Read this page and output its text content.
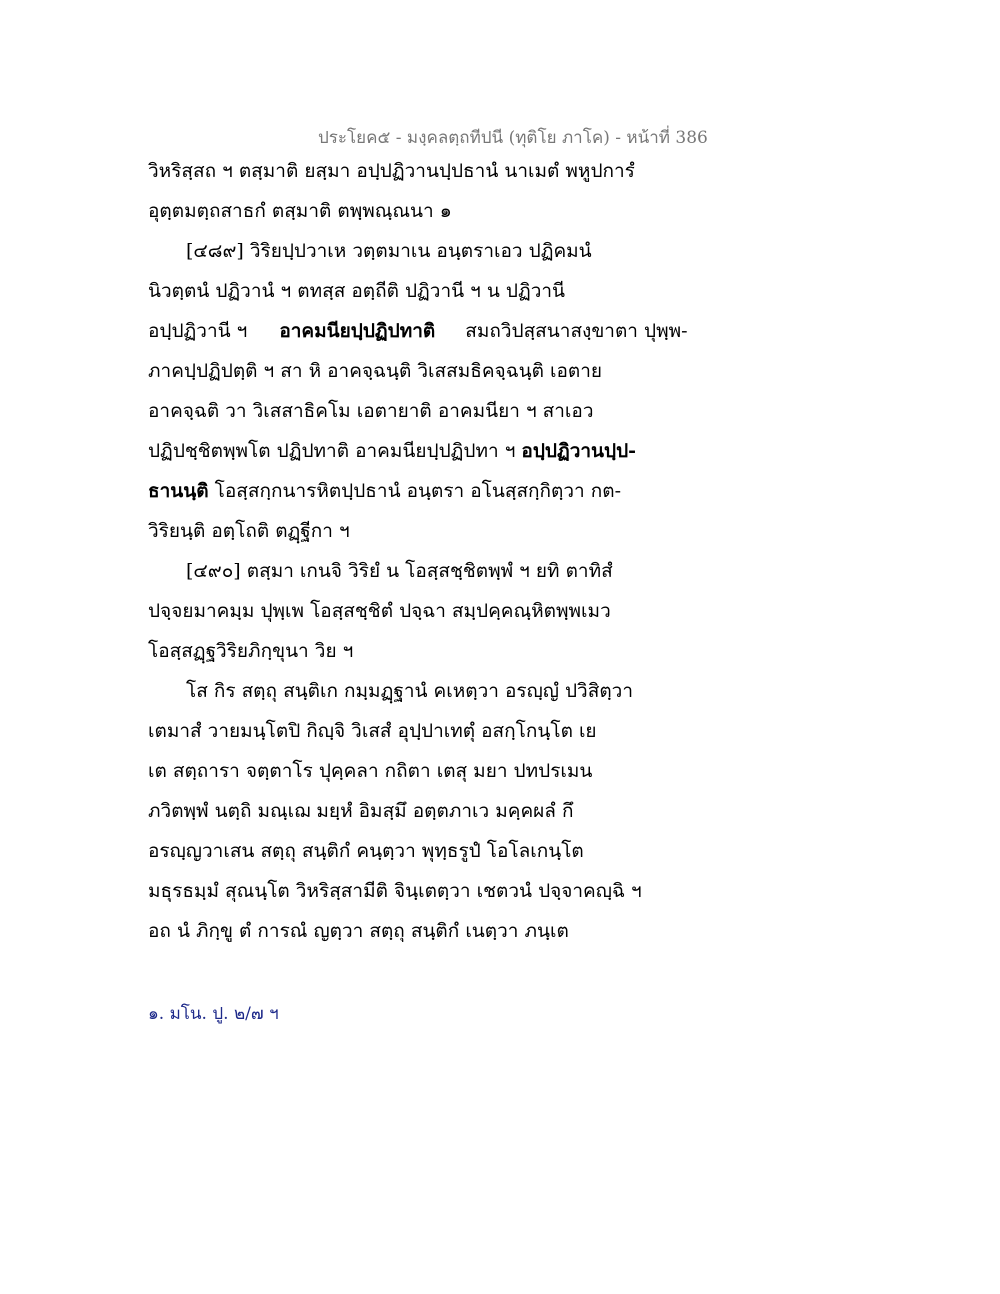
ประโยค๕ - มงฺคลตฺถทีปนี (ทุติโย ภาโค) - หน้าที่ 386
วิหริสฺสถ ฯ ตสฺมาติ ยสฺมา อปฺปฏิวานปฺปธานํ นาเมตํ พหูปการํ
อุตฺตมตฺถสาธกํ ตสฺมาติ ตพฺพณฺณนา ๑
[๔๘๙] วิริยปฺปวาเห วตฺตมาเน อนฺตราเอว ปฏิคมนํ
นิวตฺตนํ ปฏิวานํ ฯ ตทสฺส อตฺถีติ ปฏิวานี ฯ น ปฏิวานี
อปฺปฏิวานี ฯ อาคมนียปฺปฏิปทาติ สมถวิปสฺสนาสงฺขาตา ปุพฺพ-
ภาคปฺปฏิปตฺติ ฯ สา หิ อาคจฺฉนฺติ วิเสสมธิคจฺฉนฺติ เอตาย
อาคจฺฉติ วา วิเสสาธิคโม เอตายาติ อาคมนียา ฯ สาเอว
ปฏิปชฺชิตพฺพโต ปฏิปทาติ อาคมนียปฺปฏิปทา ฯ อปฺปฏิวานปฺป-
ธานนฺติ โอสฺสกฺกนารหิตปฺปธานํ อนฺตรา อโนสฺสกฺกิตฺวา กต-
วิริยนฺติ อตฺโถติ ตฏฺฐีกา ฯ
[๔๙๐] ตสฺมา เกนจิ วิริยํ น โอสฺสชฺชิตพฺพํ ฯ ยทิ ตาทิสํ
ปจฺจยมาคมฺม ปุพฺเพ โอสฺสชฺชิตํ ปจฺฉา สมฺปคฺคณฺหิตพฺพเมว
โอสฺสฏฺฐวิริยภิกฺขุนา วิย ฯ
โส กิร สตฺถุ สนฺติเก กมฺมฏฺฐานํ คเหตฺวา อรญฺญํ ปวิสิตฺวา
เตมาสํ วายมนฺโตปิ กิญฺจิ วิเสสํ อุปฺปาเทตุํ อสกฺโกนฺโต เย
เต สตฺถารา จตฺตาโร ปุคฺคลา กถิตา เตสุ มยา ปทปรเมน
ภวิตพฺพํ นตฺถิ มณฺเฌ มยฺหํ อิมสฺมึ อตฺตภาเว มคฺคผลํ กึ
อรญฺญวาเสน สตฺถุ สนฺติกํ คนฺตฺวา พุทฺธรูปํ โอโลเกนฺโต
มธุรธมฺมํ สุณนฺโต วิหริสฺสามีติ จินฺเตตฺวา เชตวนํ ปจฺจาคญฺฉิ ฯ
อถ นํ ภิกฺขู ตํ การณํ ญตฺวา สตฺถุ สนฺติกํ เนตฺวา ภนฺเต
๑. มโน. ปู. ๒/๗ ฯ
